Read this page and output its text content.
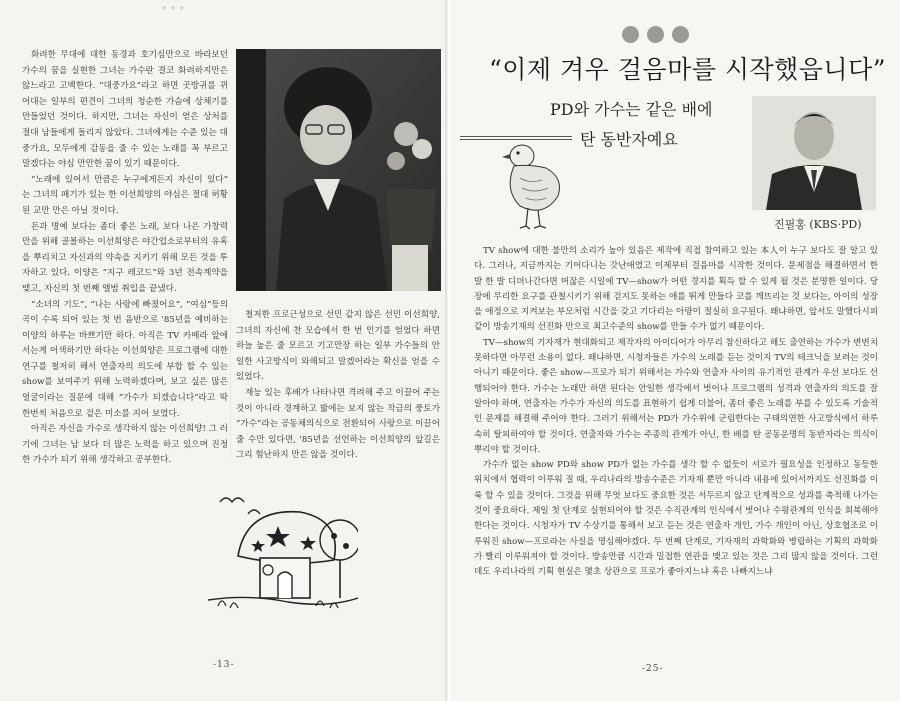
…

화려한 무대에 대한 동경과 호기심만으로 바라보던 가수의 꿈을 실현한 그녀는 가수란 결코 화려하지만은 않느라고 고백한다. “대중가요”라고 하면 곳방귀를 뀌어대는 일부의 편견이 그녀의 청순한 가슴에 상체기를 만들었던 것이다. 하지만, 그녀는 자신이 얻은 상처를 절대 남들에게 돌리지 않았다. 그녀에게는 수준 있는 대중가요, 모두에게 감동을 줄 수 있는 노래를 꼭 부르고 말겠다는 야심 만만한 꿈이 있기 때문이다.

“노래에 있어서 만큼은 누구에게든지 자신이 있다” 는 그녀의 패기가 있는 한 이선희양의 야심은 절대 허황된 교만 만은 아닐 것이다.

돈과 명예 보다는 좀더 좋은 노래, 보다 나은 가창력만을 위해 골몰하는 이선희양은 야간업소로부터의 유혹을 뿌리치고 자신과의 약속을 지키기 위해 모든 것을 투자하고 있다. 이양은 “지구 레코드”와 3년 전속계약을 맺고, 자신의 첫 번째 앨범 취입을 끝냈다.

“소녀의 기도”, “나는 사랑에 빠졌어요”, “여심”등의 곡이 수록 되어 있는 첫 번 음반으로 '85년을 예비하는 이양의 하루는 바쁘기만 하다. 아직은 TV 카메라 앞에 서는게 어색하기만 하다는 이선희양은 프로그램에 대한 연구를 철저히 해서 연출자의 의도에 부합 할 수 있는 show를 보여주기 위해 노력하겠다며, 보고 싶은 많은 얼굴이라는 질문에 대해 “가수가 되겠습니다”라고 딱 한번씩 처음으로 겉은 미소를 지어 보였다.

아직은 자신을 가수로 생각하지 않는 이선희양! 그 러기에 그녀는 남 보다 더 많은 노력을 하고 있으며 진정한 가수가 되기 위해 생각하고 공부한다.

철저한 프로근성으로 선민 같지 않은 선민 이선희양, 그녀의 자신에 찬 모습에서 한 번 인기를 얻었다 하면 하늘 높은 줄 모르고 기고만장 하는 일부 가수들의 안일한 사고방식이 와해되고 말겠어라는 확신을 얻을 수 있었다.

재능 있는 후배가 나타나면 격려해 주고 이끌어 주는 것이 아니라 경계하고 밟에는 보지 않는 작금의 풍토가 “가수”라는 공동체의식으로 전환되어 사랑으로 이끌어 줄 수만 있다면, '85년을 선언하는 이선희양의 앞길은 그리 험난하지 만은 않을 것이다.

-13-
“이제 겨우 걸음마를 시작했읍니다”
PD와 가수는 같은 배에
탄 동반자예요
진필홍 (KBS·PD)

TV show에 대한 불만의 소리가 높아 있음은 제작에 직접 참여하고 있는 本人이 누구 보다도 잘 알고 있다. 그러나, 지금까지는 기어다니는 갓난애였고 이제부터 걸음마를 시작한 것이다. 문제점을 해결하면서 한 발 한 발 디뎌나간다면 머잖은 시일에 TV—show가 어떤 경지를 획득 할 수 있게 될 것은 분명한 일이다. 당장에 무리한 요구를 관철시키기 위해 걷지도 못하는 애를 뛰게 만들다 코를 깨뜨리는 것 보다는, 아이의 성장을 애정으로 지켜보는 부모처럼 시간을 갖고 기다리는 아량이 절실히 요구된다. 왜냐하면, 앞서도 말했다시피 같이 방송기재의 선진화 만으로 최고수준의 show를 만들 수가 없기 때문이다.

TV—show의 기자재가 현대화되고 제작자의 아이디어가 아무리 참신하다고 해도 출연하는 가수가 변변치 못하다면 아무런 소용이 없다. 왜냐하면, 시청자들은 가수의 노래를 듣는 것이지 TV의 테크닉을 보려는 것이 아니기 때문이다. 좋은 show—프로가 되기 위해서는 가수와 연출자 사이의 유기적인 관계가 우선 보다도 선행되어야 한다. 가수는 노래만 하면 된다는 안일한 생각에서 벗어나 프로그램의 성격과 연출자의 의도를 잘 알아야 하며, 연출자는 가수가 자신의 의도를 표현하기 쉽게 더불어, 좀더 좋은 노래를 부를 수 있도록 기술적인 문제를 해결해 주어야 한다. 그러기 위해서는 PD가 가수위에 군림한다는 구태의연한 사고방식에서 하루속히 탈피하여야 할 것이다. 연출자와 가수는 주종의 관계가 아닌, 한 배를 탄 공동운명의 동반자라는 의식이 뿌리야 할 것이다.

가수가 없는 show PD와 show PD가 없는 가수를 생각 할 수 없듯이 서로가 필요성을 인정하고 동등한 위치에서 협력이 이루워 질 때, 우리나라의 방송수준은 기자재 뿐만 아니라 내용에 있어서까지도 선진화를 이룩 할 수 있을 것이다. 그것을 위해 무엇 보다도 중요한 것은 서두르지 않고 단계적으로 성과를 축적해 나가는 것이 중요하다. 제일 첫 단계로 실현되어야 할 것은 수직관계의 인식에서 벗어나 수평관계의 인식을 회복해야 한다는 것이다. 시청자가 TV 수상기를 통해서 보고 듣는 것은 연출자 개인, 가수 개인이 아닌, 상호협조로 이루워진 show—프로라는 사실을 명심해야겠다. 두 번째 단계로, 기자재의 과학화와 병립하는 기획의 과학화가 빨리 이루워져야 할 것이다. 방송만큼 시간과 밀접한 연관을 맺고 있는 것은 그리 많지 않을 것이다. 그런데도 우리나라의 기획 현실은 몇초 상관으로 프로가 좋아지느냐 혹은 나빠지느냐

-25-
